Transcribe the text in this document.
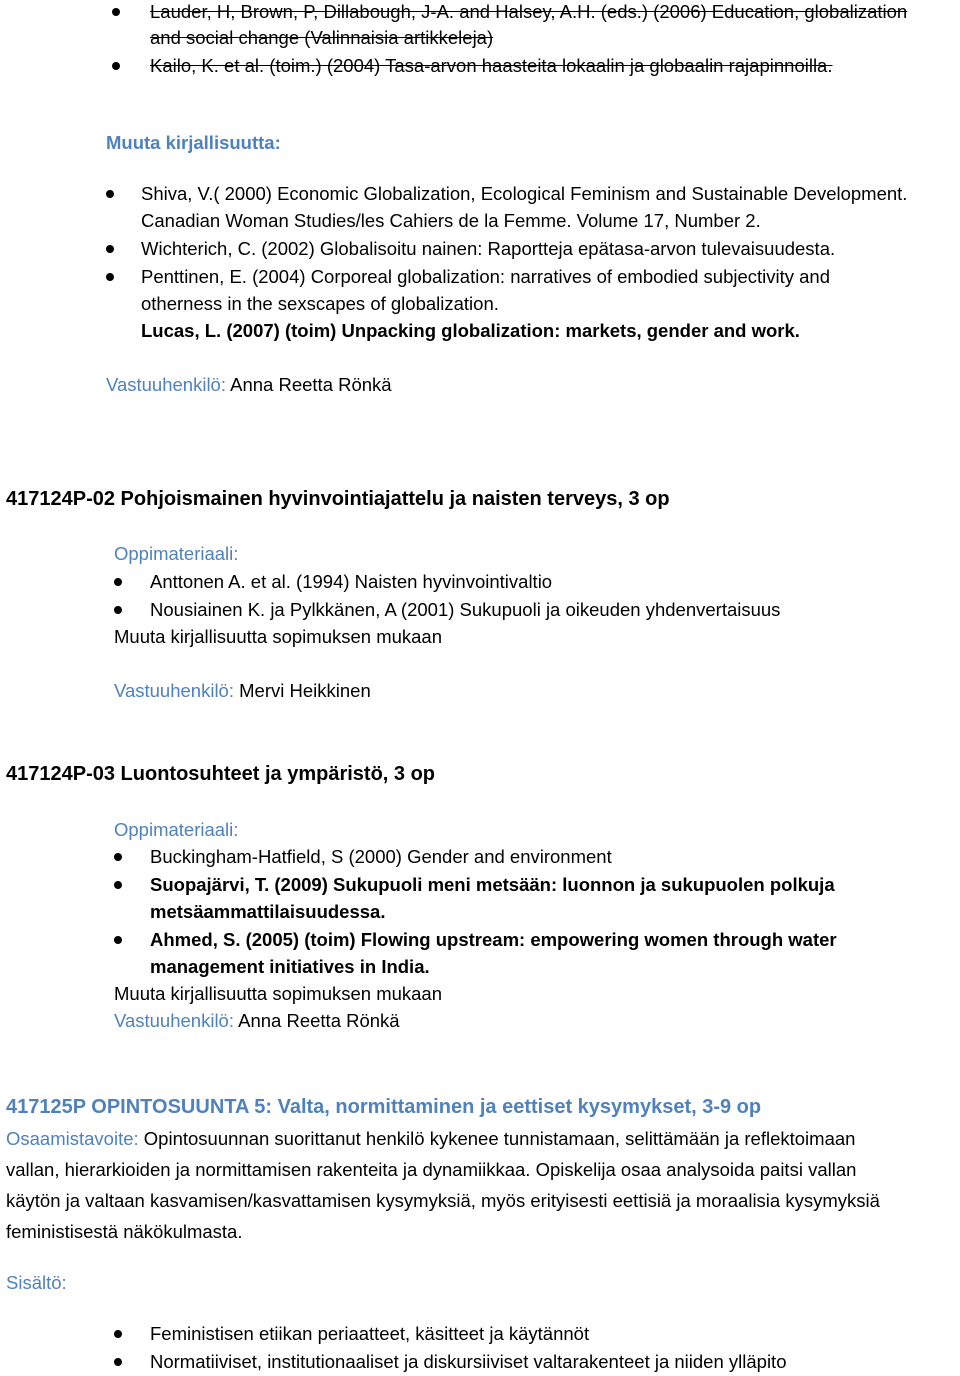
Lauder, H, Brown, P, Dillabough, J-A. and Halsey, A.H. (eds.) (2006) Education, globalization
and social change (Valinnaisia artikkeleja)
Kailo, K. et al. (toim.) (2004) Tasa-arvon haasteita lokaalin ja globaalin rajapinnoilla.
Muuta kirjallisuutta:
Shiva, V.( 2000) Economic Globalization, Ecological Feminism and Sustainable Development.
Canadian Woman Studies/les Cahiers de la Femme. Volume 17, Number 2.
Wichterich, C. (2002) Globalisoitu nainen: Raportteja epätasa-arvon tulevaisuudesta.
Penttinen, E. (2004) Corporeal globalization: narratives of embodied subjectivity and
otherness in the sexscapes of globalization.
Lucas, L. (2007) (toim) Unpacking globalization: markets, gender and work.
Vastuuhenkilö: Anna Reetta Rönkä
417124P-02 Pohjoismainen hyvinvointiajattelu ja naisten terveys, 3 op
Oppimateriaali:
Anttonen A. et al. (1994) Naisten hyvinvointivaltio
Nousiainen K. ja Pylkkänen, A (2001) Sukupuoli ja oikeuden yhdenvertaisuus
Muuta kirjallisuutta sopimuksen mukaan
Vastuuhenkilö: Mervi Heikkinen
417124P-03 Luontosuhteet ja ympäristö, 3 op
Oppimateriaali:
Buckingham-Hatfield, S (2000) Gender and environment
Suopajärvi, T. (2009) Sukupuoli meni metsään: luonnon ja sukupuolen polkuja
metsäammattilaisuudessa.
Ahmed, S. (2005) (toim) Flowing upstream: empowering women through water
management initiatives in India.
Muuta kirjallisuutta sopimuksen mukaan
Vastuuhenkilö: Anna Reetta Rönkä
417125P OPINTOSUUNTA 5: Valta, normittaminen ja eettiset kysymykset, 3-9 op
Osaamistavoite: Opintosuunnan suorittanut henkilö kykenee tunnistamaan, selittämään ja reflektoimaan
vallan, hierarkioiden ja normittamisen rakenteita ja dynamiikkaa. Opiskelija osaa analysoida paitsi vallan
käytön ja valtaan kasvamisen/kasvattamisen kysymyksiä, myös erityisesti eettisiä ja moraalisia kysymyksiä
feministisestä näkökulmasta.
Sisältö:
Feministisen etiikan periaatteet, käsitteet ja käytännöt
Normatiiviset, institutionaaliset ja diskursiiviset valtarakenteet ja niiden ylläpito
